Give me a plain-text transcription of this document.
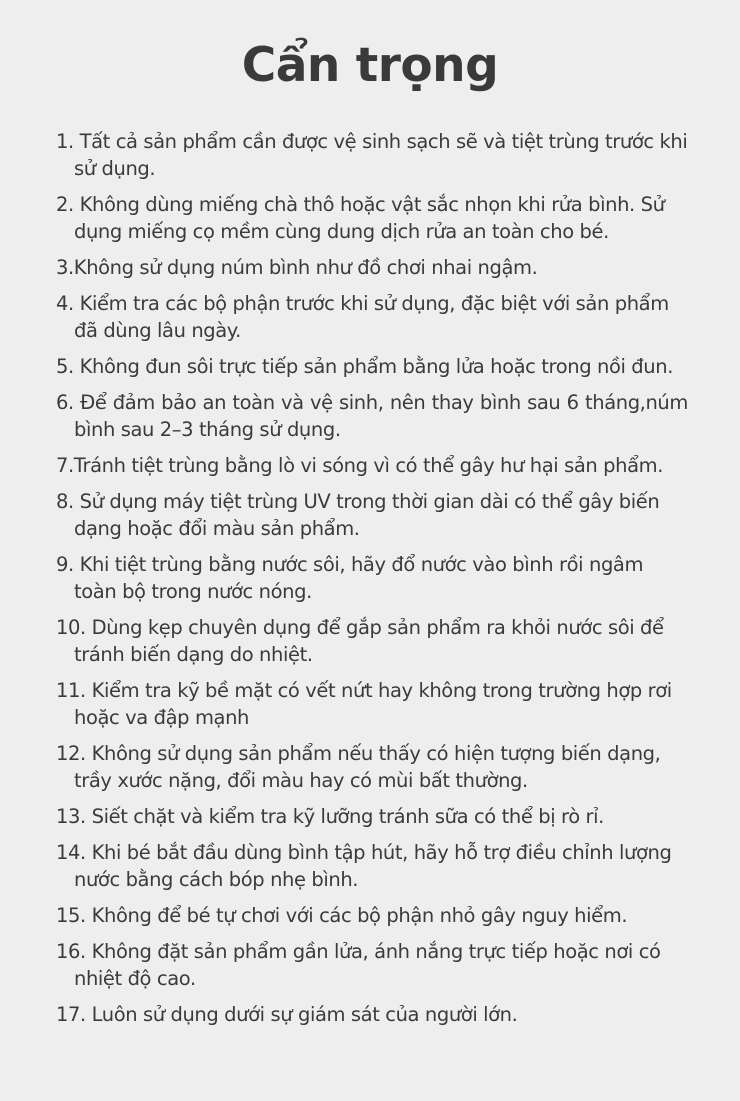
Cẩn trọng
1. Tất cả sản phẩm cần được vệ sinh sạch sẽ và tiệt trùng trước khi sử dụng.
2. Không dùng miếng chà thô hoặc vật sắc nhọn khi rửa bình. Sử dụng miếng cọ mềm cùng dung dịch rửa an toàn cho bé.
3.Không sử dụng núm bình như đồ chơi nhai ngậm.
4. Kiểm tra các bộ phận trước khi sử dụng, đặc biệt với sản phẩm đã dùng lâu ngày.
5. Không đun sôi trực tiếp sản phẩm bằng lửa hoặc trong nồi đun.
6. Để đảm bảo an toàn và vệ sinh, nên thay bình sau 6 tháng,núm bình sau 2–3 tháng sử dụng.
7.Tránh tiệt trùng bằng lò vi sóng vì có thể gây hư hại sản phẩm.
8. Sử dụng máy tiệt trùng UV trong thời gian dài có thể gây biến dạng hoặc đổi màu sản phẩm.
9. Khi tiệt trùng bằng nước sôi, hãy đổ nước vào bình rồi ngâm toàn bộ trong nước nóng.
10. Dùng kẹp chuyên dụng để gắp sản phẩm ra khỏi nước sôi để tránh biến dạng do nhiệt.
11. Kiểm tra kỹ bề mặt có vết nứt hay không trong trường hợp rơi hoặc va đập mạnh
12. Không sử dụng sản phẩm nếu thấy có hiện tượng biến dạng, trầy xước nặng, đổi màu hay có mùi bất thường.
13. Siết chặt và kiểm tra kỹ lưỡng tránh sữa có thể bị rò rỉ.
14. Khi bé bắt đầu dùng bình tập hút, hãy hỗ trợ điều chỉnh lượng nước bằng cách bóp nhẹ bình.
15. Không để bé tự chơi với các bộ phận nhỏ gây nguy hiểm.
16. Không đặt sản phẩm gần lửa, ánh nắng trực tiếp hoặc nơi có nhiệt độ cao.
17. Luôn sử dụng dưới sự giám sát của người lớn.
